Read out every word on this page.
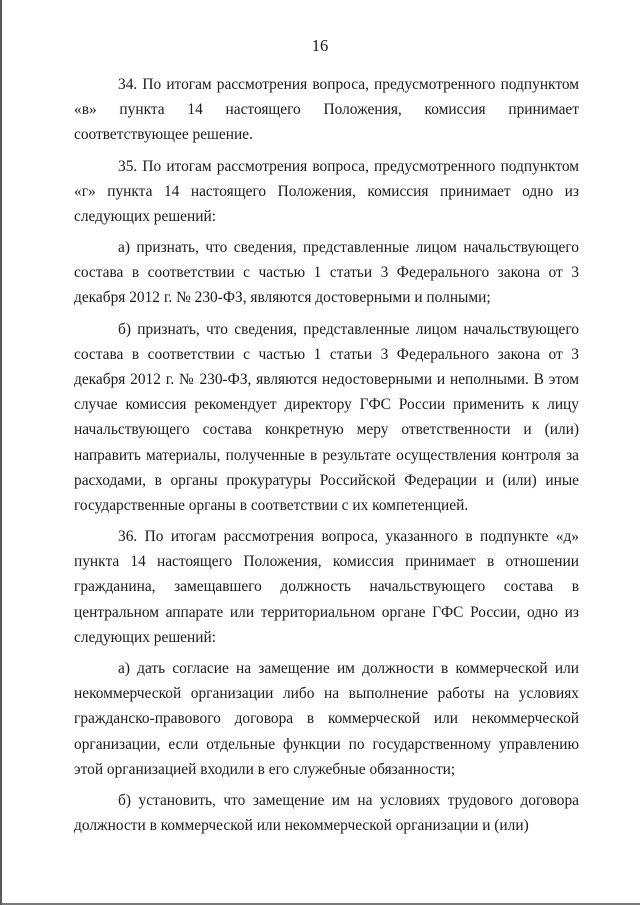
16

34. По итогам рассмотрения вопроса, предусмотренного подпунктом «в» пункта 14 настоящего Положения, комиссия принимает соответствующее решение.

35. По итогам рассмотрения вопроса, предусмотренного подпунктом «г» пункта 14 настоящего Положения, комиссия принимает одно из следующих решений:

а) признать, что сведения, представленные лицом начальствующего состава в соответствии с частью 1 статьи 3 Федерального закона от 3 декабря 2012 г. № 230-ФЗ, являются достоверными и полными;

б) признать, что сведения, представленные лицом начальствующего состава в соответствии с частью 1 статьи 3 Федерального закона от 3 декабря 2012 г. № 230-ФЗ, являются недостоверными и неполными. В этом случае комиссия рекомендует директору ГФС России применить к лицу начальствующего состава конкретную меру ответственности и (или) направить материалы, полученные в результате осуществления контроля за расходами, в органы прокуратуры Российской Федерации и (или) иные государственные органы в соответствии с их компетенцией.

36. По итогам рассмотрения вопроса, указанного в подпункте «д» пункта 14 настоящего Положения, комиссия принимает в отношении гражданина, замещавшего должность начальствующего состава в центральном аппарате или территориальном органе ГФС России, одно из следующих решений:

а) дать согласие на замещение им должности в коммерческой или некоммерческой организации либо на выполнение работы на условиях гражданско-правового договора в коммерческой или некоммерческой организации, если отдельные функции по государственному управлению этой организацией входили в его служебные обязанности;

б) установить, что замещение им на условиях трудового договора должности в коммерческой или некоммерческой организации и (или)
